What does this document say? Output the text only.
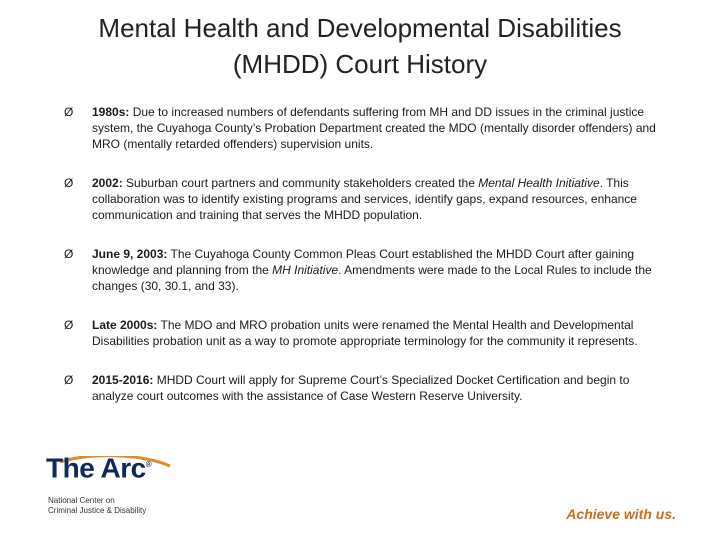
Mental Health and Developmental Disabilities
(MHDD) Court History
Ø 1980s: Due to increased numbers of defendants suffering from MH and DD issues in the criminal justice system, the Cuyahoga County’s Probation Department created the MDO (mentally disorder offenders) and MRO (mentally retarded offenders) supervision units.
Ø 2002: Suburban court partners and community stakeholders created the Mental Health Initiative. This collaboration was to identify existing programs and services, identify gaps, expand resources, enhance communication and training that serves the MHDD population.
Ø June 9, 2003: The Cuyahoga County Common Pleas Court established the MHDD Court after gaining knowledge and planning from the MH Initiative. Amendments were made to the Local Rules to include the changes (30, 30.1, and 33).
Ø Late 2000s: The MDO and MRO probation units were renamed the Mental Health and Developmental Disabilities probation unit as a way to promote appropriate terminology for the community it represents.
Ø 2015-2016: MHDD Court will apply for Supreme Court’s Specialized Docket Certification and begin to analyze court outcomes with the assistance of Case Western Reserve University.
The Arc®
National Center on
Criminal Justice & Disability	Achieve with us.
